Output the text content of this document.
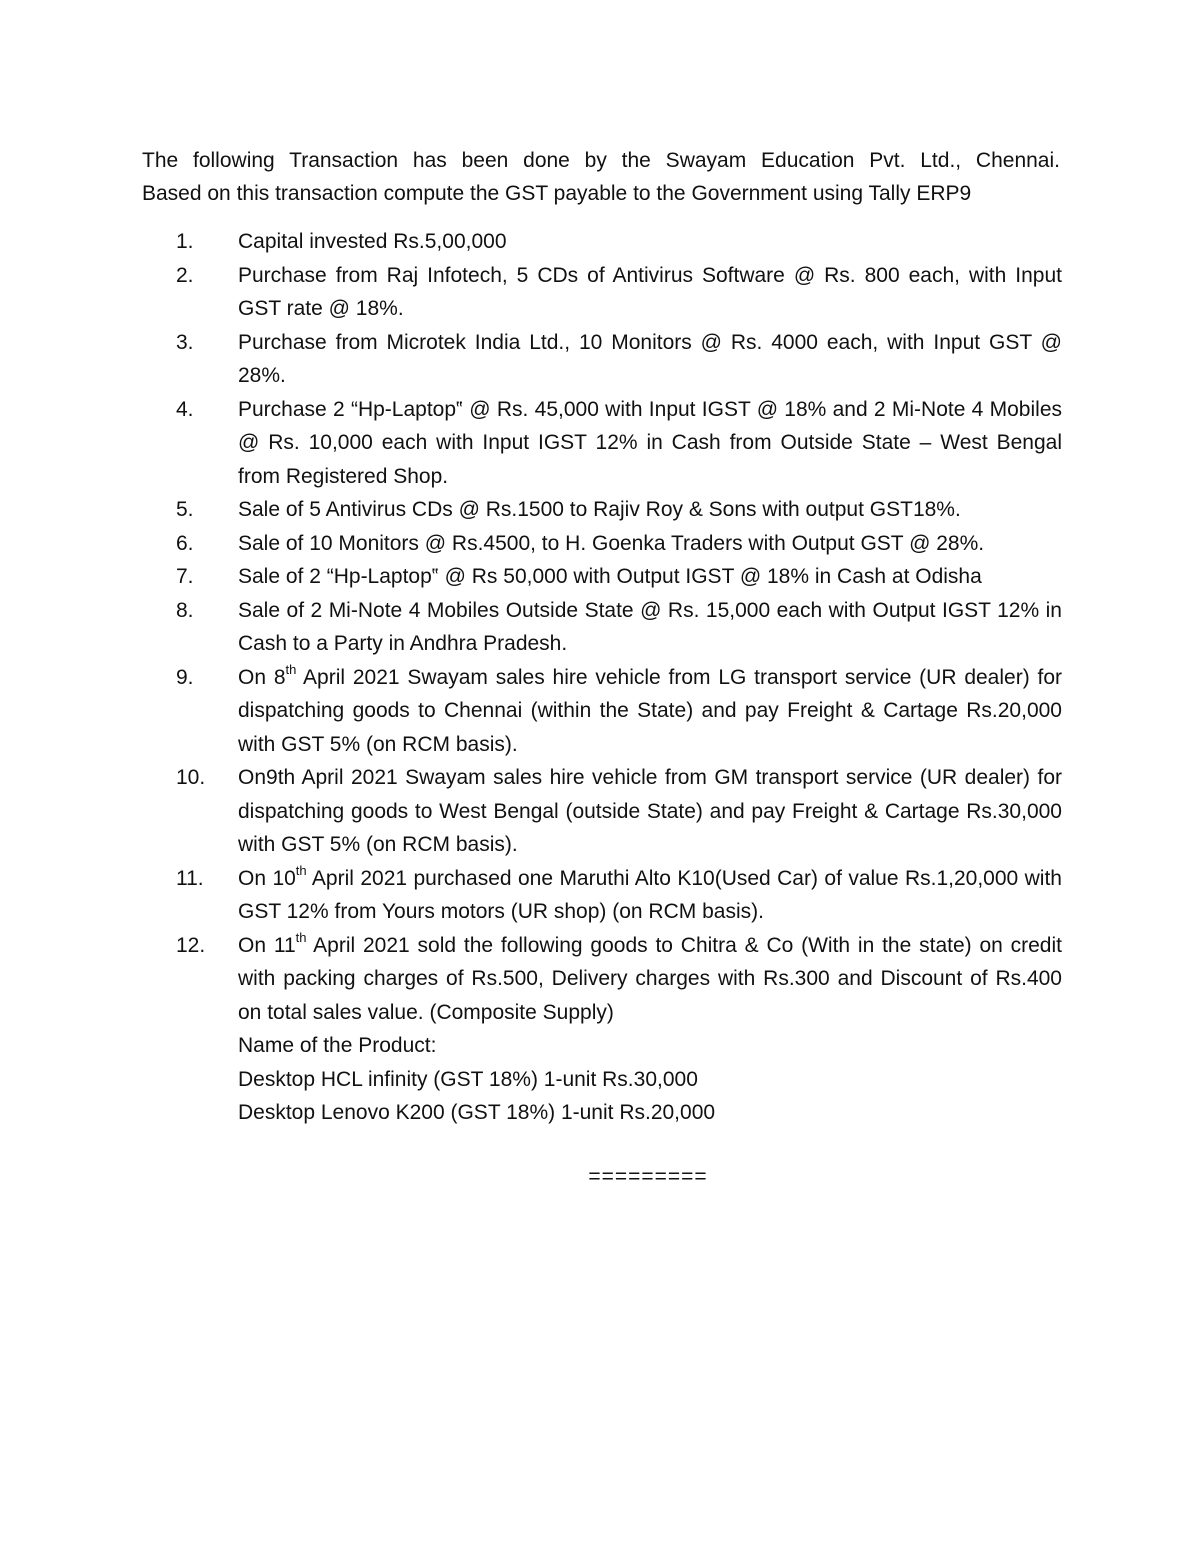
The following Transaction has been done by the Swayam Education Pvt. Ltd., Chennai.

Based on this transaction compute the GST payable to the Government using Tally ERP9

1.	Capital invested Rs.5,00,000
2.	Purchase from Raj Infotech, 5 CDs of Antivirus Software @ Rs. 800 each, with Input GST rate @ 18%.
3.	Purchase from Microtek India Ltd., 10 Monitors @ Rs. 4000 each, with Input GST @ 28%.
4.	Purchase 2 “Hp-Laptop‟ @ Rs. 45,000 with Input IGST @ 18% and 2 Mi-Note 4 Mobiles @ Rs. 10,000 each with Input IGST 12% in Cash from Outside State – West Bengal from Registered Shop.
5.	Sale of 5 Antivirus CDs @ Rs.1500 to Rajiv Roy & Sons with output GST18%.
6.	Sale of 10 Monitors @ Rs.4500, to H. Goenka Traders with Output GST @ 28%.
7.	Sale of 2 “Hp-Laptop‟ @ Rs 50,000 with Output IGST @ 18% in Cash at Odisha
8.	Sale of 2 Mi-Note 4 Mobiles Outside State @ Rs. 15,000 each with Output IGST 12% in Cash to a Party in Andhra Pradesh.
9.	On 8th April 2021 Swayam sales hire vehicle from LG transport service (UR dealer) for dispatching goods to Chennai (within the State) and pay Freight & Cartage Rs.20,000 with GST 5% (on RCM basis).
10.	On9th April 2021 Swayam sales hire vehicle from GM transport service (UR dealer) for dispatching goods to West Bengal (outside State) and pay Freight & Cartage Rs.30,000 with GST 5% (on RCM basis).
11.	On 10th April 2021 purchased one Maruthi Alto K10(Used Car) of value Rs.1,20,000 with GST 12% from Yours motors (UR shop) (on RCM basis).
12.	On 11th April 2021 sold the following goods to Chitra & Co (With in the state) on credit with packing charges of Rs.500, Delivery charges with Rs.300 and Discount of Rs.400 on total sales value. (Composite Supply)
Name of the Product:
Desktop HCL infinity (GST 18%) 1-unit Rs.30,000
Desktop Lenovo K200 (GST 18%) 1-unit Rs.20,000
=========
